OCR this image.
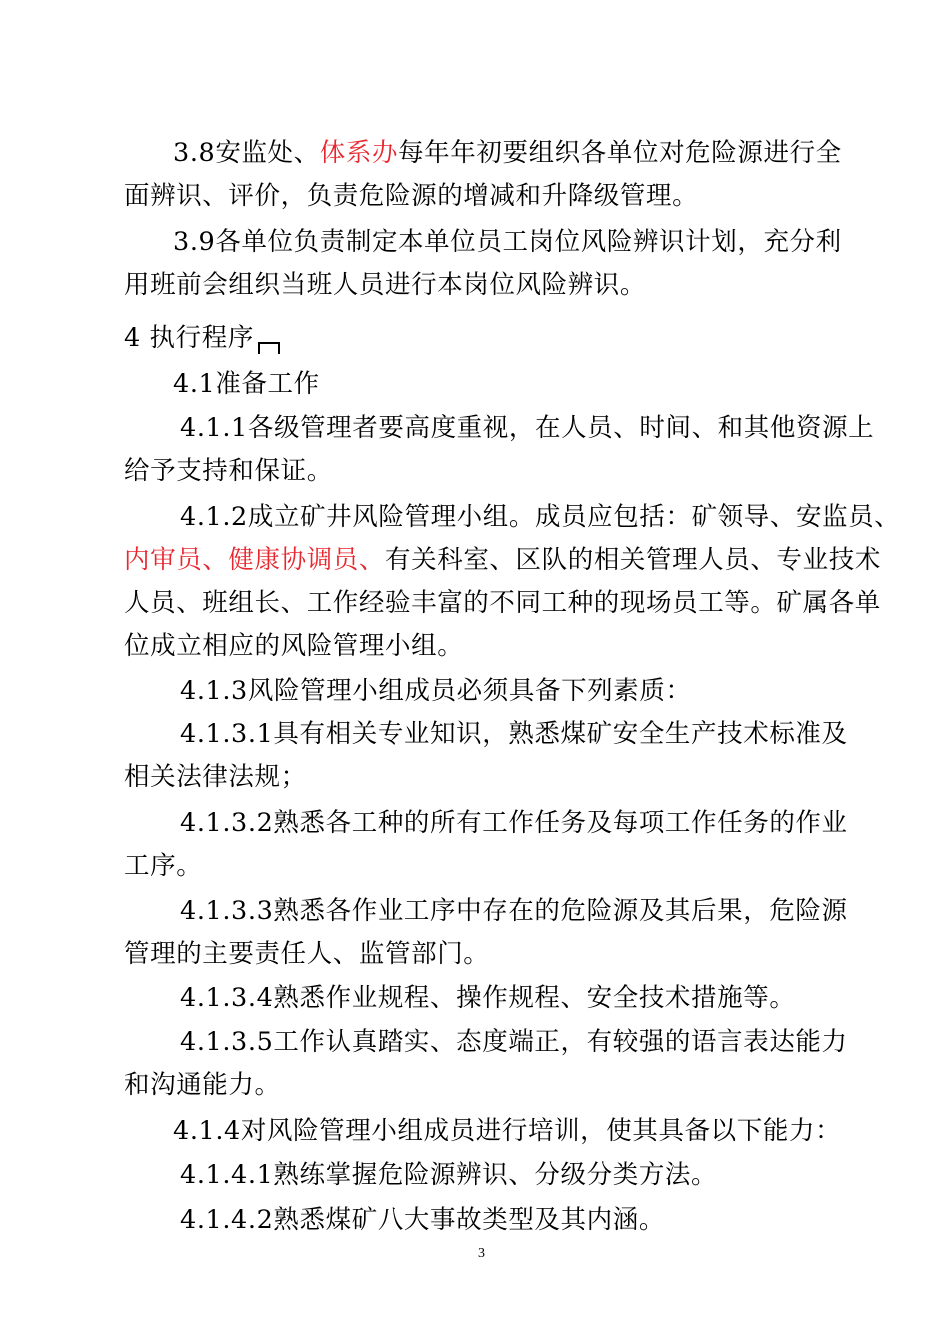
3.8安监处、体系办每年年初要组织各单位对危险源进行全
面辨识、评价，负责危险源的增减和升降级管理。
3.9各单位负责制定本单位员工岗位风险辨识计划，充分利
用班前会组织当班人员进行本岗位风险辨识。
4 执行程序
4.1准备工作
4.1.1各级管理者要高度重视，在人员、时间、和其他资源上
给予支持和保证。
4.1.2成立矿井风险管理小组。成员应包括：矿领导、安监员、
内审员、健康协调员、有关科室、区队的相关管理人员、专业技术
人员、班组长、工作经验丰富的不同工种的现场员工等。矿属各单
位成立相应的风险管理小组。
4.1.3风险管理小组成员必须具备下列素质：
4.1.3.1具有相关专业知识，熟悉煤矿安全生产技术标准及
相关法律法规；
4.1.3.2熟悉各工种的所有工作任务及每项工作任务的作业
工序。
4.1.3.3熟悉各作业工序中存在的危险源及其后果，危险源
管理的主要责任人、监管部门。
4.1.3.4熟悉作业规程、操作规程、安全技术措施等。
4.1.3.5工作认真踏实、态度端正，有较强的语言表达能力
和沟通能力。
4.1.4对风险管理小组成员进行培训，使其具备以下能力：
4.1.4.1熟练掌握危险源辨识、分级分类方法。
4.1.4.2熟悉煤矿八大事故类型及其内涵。
3
